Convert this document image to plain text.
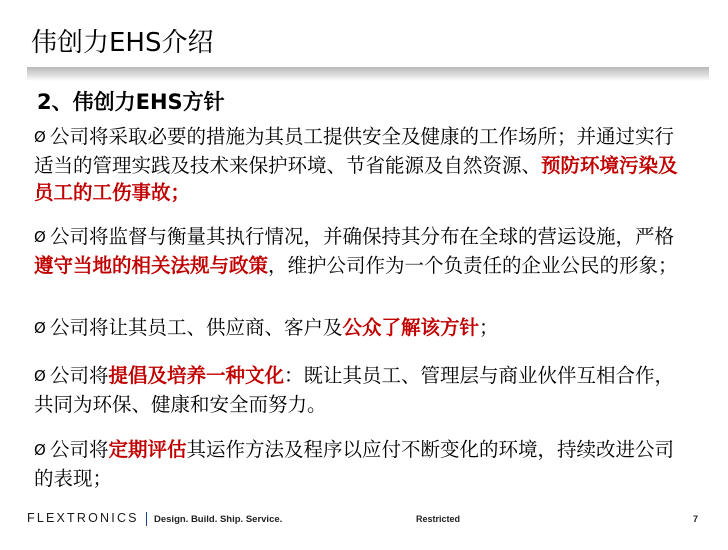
伟创力EHS介绍
2、伟创力EHS方针

Ø 公司将采取必要的措施为其员工提供安全及健康的工作场所；并通过实行适当的管理实践及技术来保护环境、节省能源及自然资源、预防环境污染及员工的工伤事故；

Ø 公司将监督与衡量其执行情况，并确保持其分布在全球的营运设施，严格遵守当地的相关法规与政策，维护公司作为一个负责任的企业公民的形象；

Ø 公司将让其员工、供应商、客户及公众了解该方针；

Ø 公司将提倡及培养一种文化：既让其员工、管理层与商业伙伴互相合作，共同为环保、健康和安全而努力。

Ø 公司将定期评估其运作方法及程序以应付不断变化的环境，持续改进公司的表现；

FLEXTRONICS Design. Build. Ship. Service.	Restricted	7
